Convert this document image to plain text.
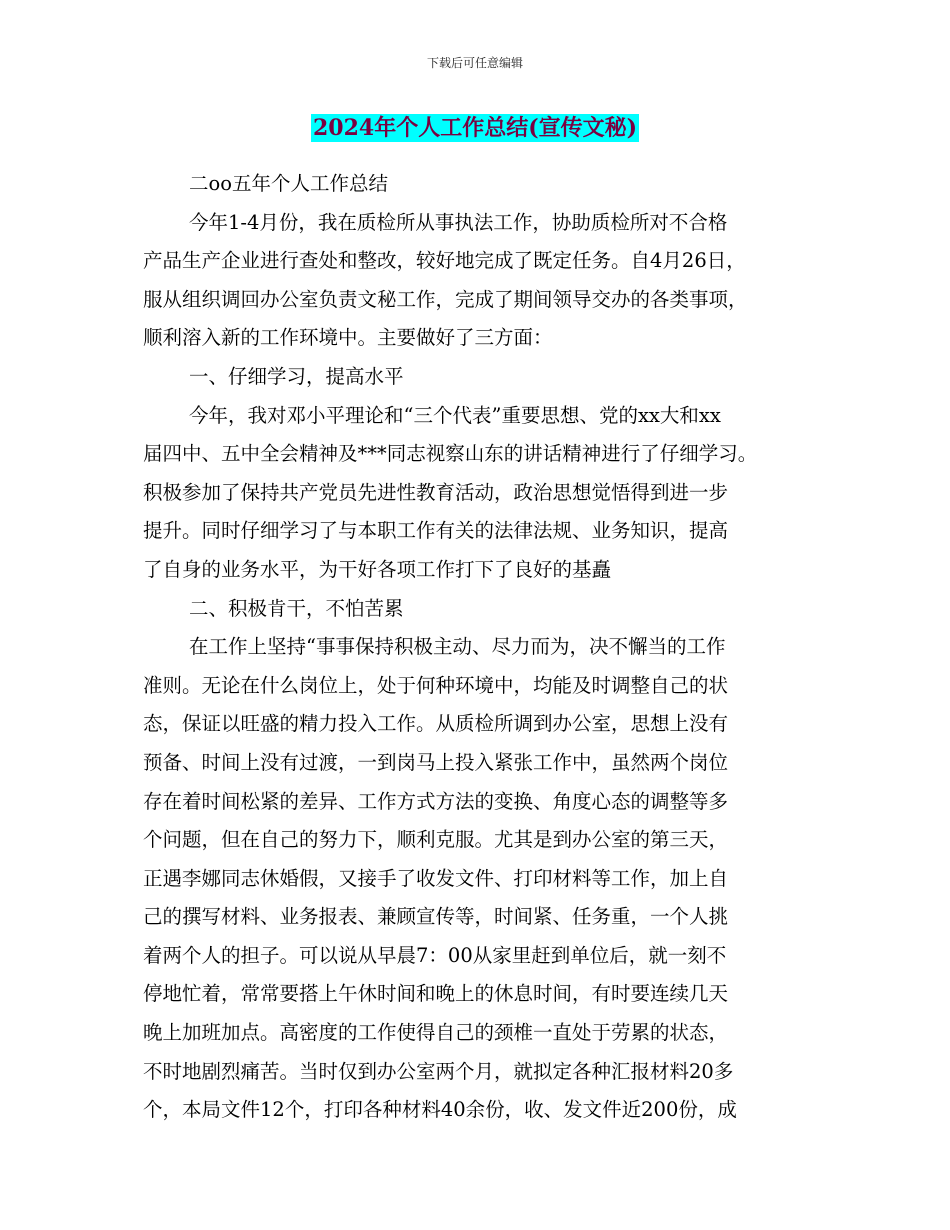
下载后可任意编辑
2024年个人工作总结(宣传文秘)
二oo五年个人工作总结
今年1-4月份，我在质检所从事执法工作，协助质检所对不合格
产品生产企业进行查处和整改，较好地完成了既定任务。自4月26日，
服从组织调回办公室负责文秘工作，完成了期间领导交办的各类事项，
顺利溶入新的工作环境中。主要做好了三方面：
一、仔细学习，提高水平
今年，我对邓小平理论和“三个代表”重要思想、党的xx大和xx
届四中、五中全会精神及***同志视察山东的讲话精神进行了仔细学习。
积极参加了保持共产党员先进性教育活动，政治思想觉悟得到进一步
提升。同时仔细学习了与本职工作有关的法律法规、业务知识，提高
了自身的业务水平，为干好各项工作打下了良好的基矗
二、积极肯干，不怕苦累
在工作上坚持“事事保持积极主动、尽力而为，决不懈当的工作
准则。无论在什么岗位上，处于何种环境中，均能及时调整自己的状
态，保证以旺盛的精力投入工作。从质检所调到办公室，思想上没有
预备、时间上没有过渡，一到岗马上投入紧张工作中，虽然两个岗位
存在着时间松紧的差异、工作方式方法的变换、角度心态的调整等多
个问题，但在自己的努力下，顺利克服。尤其是到办公室的第三天，
正遇李娜同志休婚假，又接手了收发文件、打印材料等工作，加上自
己的撰写材料、业务报表、兼顾宣传等，时间紧、任务重，一个人挑
着两个人的担子。可以说从早晨7：00从家里赶到单位后，就一刻不
停地忙着，常常要搭上午休时间和晚上的休息时间，有时要连续几天
晚上加班加点。高密度的工作使得自己的颈椎一直处于劳累的状态，
不时地剧烈痛苦。当时仅到办公室两个月，就拟定各种汇报材料20多
个，本局文件12个，打印各种材料40余份，收、发文件近200份，成
